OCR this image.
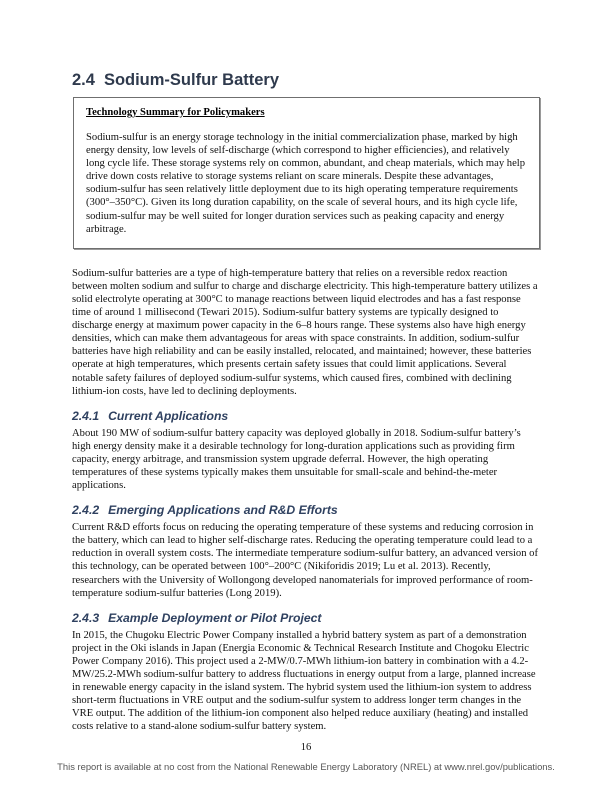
2.4 Sodium-Sulfur Battery
Technology Summary for Policymakers

Sodium-sulfur is an energy storage technology in the initial commercialization phase, marked by high energy density, low levels of self-discharge (which correspond to higher efficiencies), and relatively long cycle life. These storage systems rely on common, abundant, and cheap materials, which may help drive down costs relative to storage systems reliant on scare minerals. Despite these advantages, sodium-sulfur has seen relatively little deployment due to its high operating temperature requirements (300°–350°C). Given its long duration capability, on the scale of several hours, and its high cycle life, sodium-sulfur may be well suited for longer duration services such as peaking capacity and energy arbitrage.

Sodium-sulfur batteries are a type of high-temperature battery that relies on a reversible redox reaction between molten sodium and sulfur to charge and discharge electricity. This high-temperature battery utilizes a solid electrolyte operating at 300°C to manage reactions between liquid electrodes and has a fast response time of around 1 millisecond (Tewari 2015). Sodium-sulfur battery systems are typically designed to discharge energy at maximum power capacity in the 6–8 hours range. These systems also have high energy densities, which can make them advantageous for areas with space constraints. In addition, sodium-sulfur batteries have high reliability and can be easily installed, relocated, and maintained; however, these batteries operate at high temperatures, which presents certain safety issues that could limit applications. Several notable safety failures of deployed sodium-sulfur systems, which caused fires, combined with declining lithium-ion costs, have led to declining deployments.

2.4.1 Current Applications

About 190 MW of sodium-sulfur battery capacity was deployed globally in 2018. Sodium-sulfur battery’s high energy density make it a desirable technology for long-duration applications such as providing firm capacity, energy arbitrage, and transmission system upgrade deferral. However, the high operating temperatures of these systems typically makes them unsuitable for small-scale and behind-the-meter applications.

2.4.2 Emerging Applications and R&D Efforts

Current R&D efforts focus on reducing the operating temperature of these systems and reducing corrosion in the battery, which can lead to higher self-discharge rates. Reducing the operating temperature could lead to a reduction in overall system costs. The intermediate temperature sodium-sulfur battery, an advanced version of this technology, can be operated between 100°–200°C (Nikiforidis 2019; Lu et al. 2013). Recently, researchers with the University of Wollongong developed nanomaterials for improved performance of room-temperature sodium-sulfur batteries (Long 2019).

2.4.3 Example Deployment or Pilot Project

In 2015, the Chugoku Electric Power Company installed a hybrid battery system as part of a demonstration project in the Oki islands in Japan (Energia Economic & Technical Research Institute and Chogoku Electric Power Company 2016). This project used a 2-MW/0.7-MWh lithium-ion battery in combination with a 4.2-MW/25.2-MWh sodium-sulfur battery to address fluctuations in energy output from a large, planned increase in renewable energy capacity in the island system. The hybrid system used the lithium-ion system to address short-term fluctuations in VRE output and the sodium-sulfur system to address longer term changes in the VRE output. The addition of the lithium-ion component also helped reduce auxiliary (heating) and installed costs relative to a stand-alone sodium-sulfur battery system.

16
This report is available at no cost from the National Renewable Energy Laboratory (NREL) at www.nrel.gov/publications.
